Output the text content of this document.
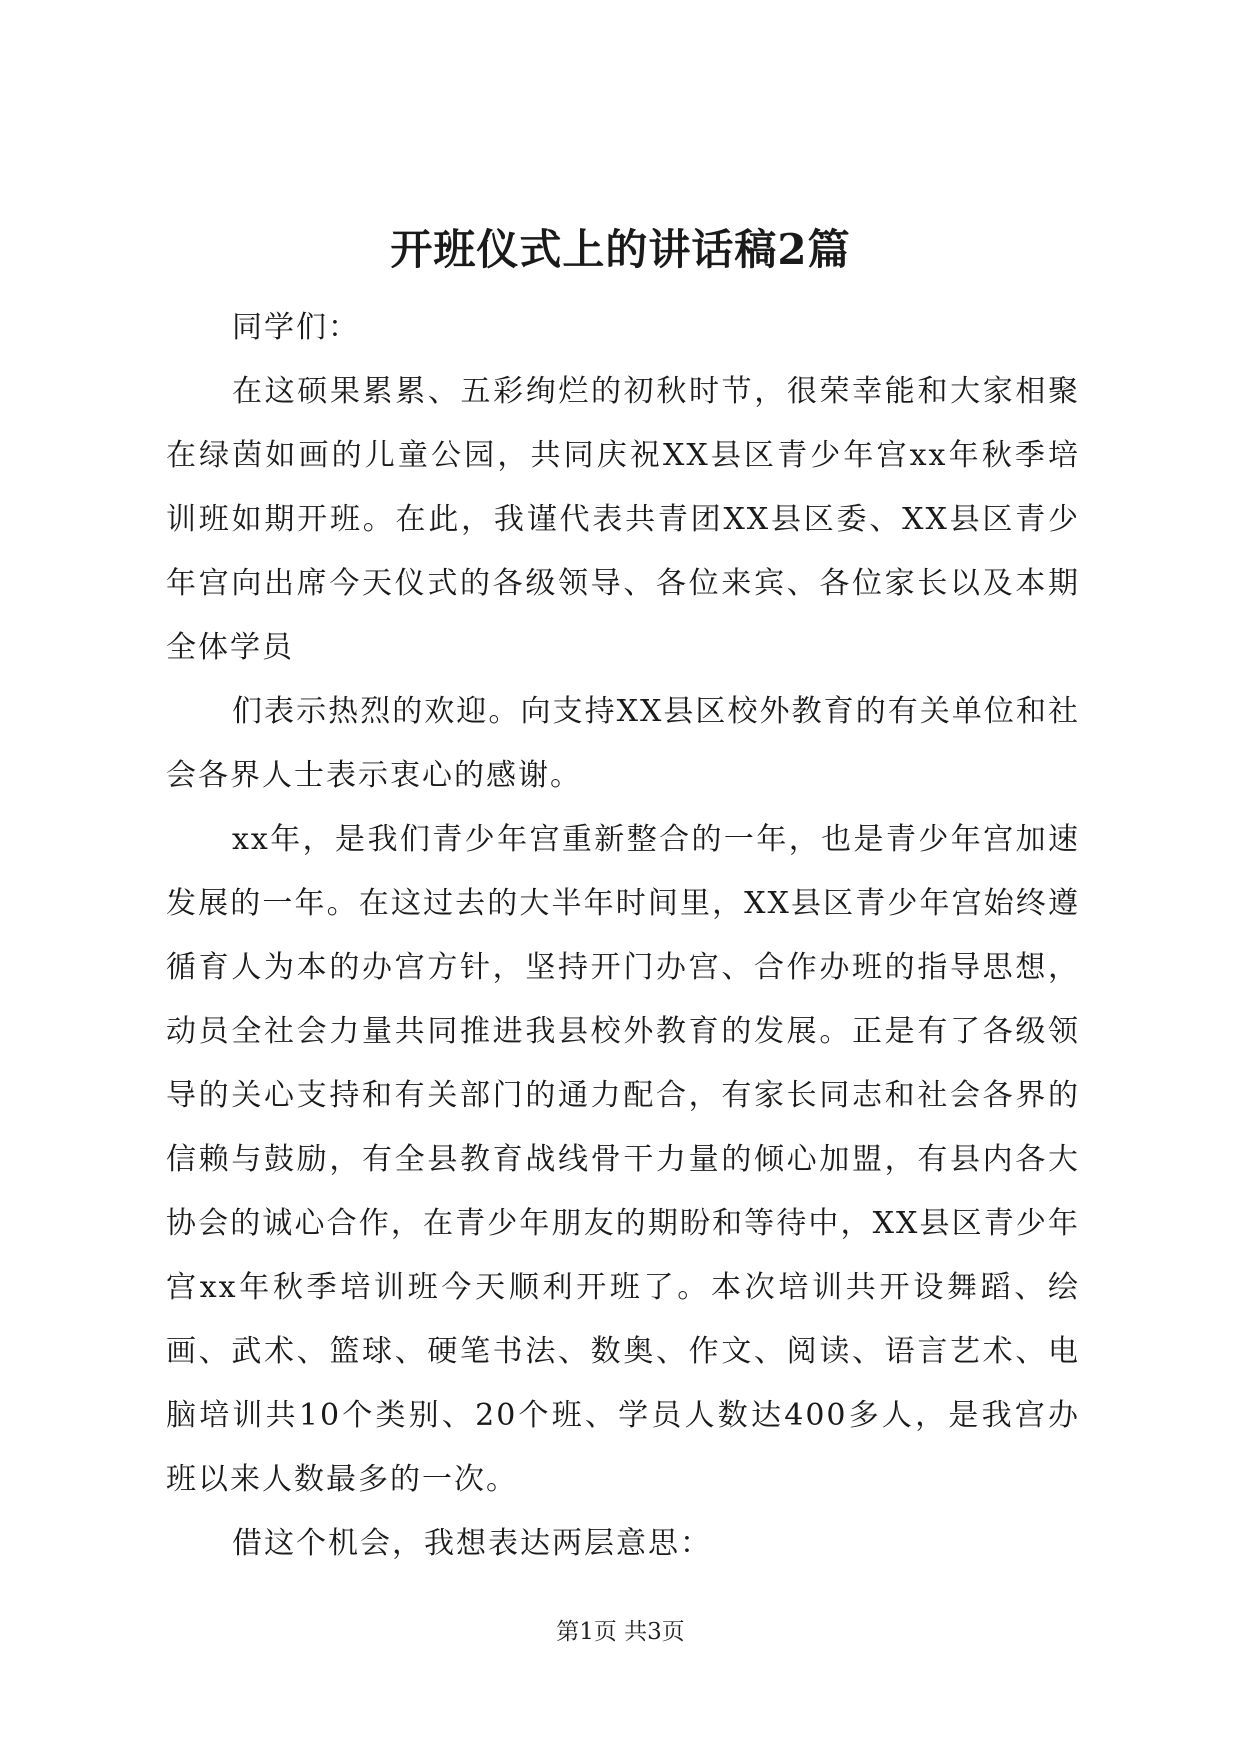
开班仪式上的讲话稿2篇

同学们：

在这硕果累累、五彩绚烂的初秋时节，很荣幸能和大家相聚在绿茵如画的儿童公园，共同庆祝XX县区青少年宫xx年秋季培训班如期开班。在此，我谨代表共青团XX县区委、XX县区青少年宫向出席今天仪式的各级领导、各位来宾、各位家长以及本期全体学员

们表示热烈的欢迎。向支持XX县区校外教育的有关单位和社会各界人士表示衷心的感谢。

xx年，是我们青少年宫重新整合的一年，也是青少年宫加速发展的一年。在这过去的大半年时间里，XX县区青少年宫始终遵循育人为本的办宫方针，坚持开门办宫、合作办班的指导思想，动员全社会力量共同推进我县校外教育的发展。正是有了各级领导的关心支持和有关部门的通力配合，有家长同志和社会各界的信赖与鼓励，有全县教育战线骨干力量的倾心加盟，有县内各大协会的诚心合作，在青少年朋友的期盼和等待中，XX县区青少年宫xx年秋季培训班今天顺利开班了。本次培训共开设舞蹈、绘画、武术、篮球、硬笔书法、数奥、作文、阅读、语言艺术、电脑培训共10个类别、20个班、学员人数达400多人，是我宫办班以来人数最多的一次。

借这个机会，我想表达两层意思：

第1页 共3页
